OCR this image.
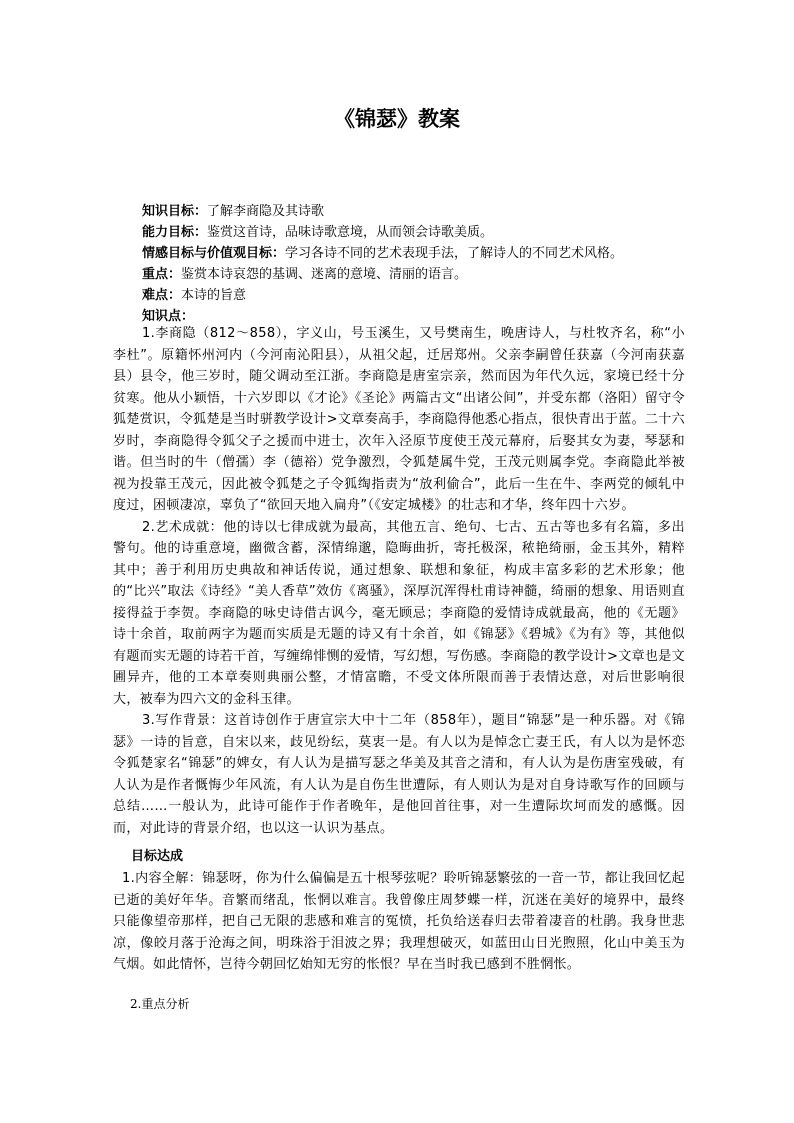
《锦瑟》教案
知识目标：了解李商隐及其诗歌
能力目标：鉴赏这首诗，品味诗歌意境，从而领会诗歌美质。
情感目标与价值观目标：学习各诗不同的艺术表现手法，了解诗人的不同艺术风格。
重点：鉴赏本诗哀怨的基调、迷离的意境、清丽的语言。
难点：本诗的旨意
知识点：

1.李商隐（812～858），字义山，号玉溪生，又号樊南生，晚唐诗人，与杜牧齐名，称“小李杜”。原籍怀州河内（今河南沁阳县），从祖父起，迁居郑州。父亲李嗣曾任获嘉（今河南获嘉县）县令，他三岁时，随父调动至江浙。李商隐是唐室宗亲，然而因为年代久远，家境已经十分贫寒。他从小颖悟，十六岁即以《才论》《圣论》两篇古文“出诸公间”，并受东都（洛阳）留守令狐楚赏识，令狐楚是当时骈教学设计>文章奏高手，李商隐得他悉心指点，很快青出于蓝。二十六岁时，李商隐得令狐父子之援而中进士，次年入泾原节度使王茂元幕府，后娶其女为妻，琴瑟和谐。但当时的牛（僧孺）李（德裕）党争激烈，令狐楚属牛党，王茂元则属李党。李商隐此举被视为投靠王茂元，因此被令狐楚之子令狐绹指责为“放利偷合”，此后一生在牛、李两党的倾轧中度过，困顿凄凉，辜负了“欲回天地入扁舟”（《安定城楼》的壮志和才华，终年四十六岁。

2.艺术成就：他的诗以七律成就为最高，其他五言、绝句、七古、五古等也多有名篇，多出警句。他的诗重意境，幽微含蓄，深情绵邈，隐晦曲折，寄托极深，秾艳绮丽，金玉其外，精粹其中；善于利用历史典故和神话传说，通过想象、联想和象征，构成丰富多彩的艺术形象；他的“比兴”取法《诗经》“美人香草”效仿《离骚》，深厚沉浑得杜甫诗神髓，绮丽的想象、用语则直接得益于李贺。李商隐的咏史诗借古讽今，毫无顾忌；李商隐的爱情诗成就最高，他的《无题》诗十余首，取前两字为题而实质是无题的诗又有十余首，如《锦瑟》《碧城》《为有》等，其他似有题而实无题的诗若干首，写缠绵悱恻的爱情，写幻想，写伤感。李商隐的教学设计>文章也是文圃异卉，他的工本章奏则典丽公整，才情富瞻，不受文体所限而善于表情达意，对后世影响很大，被奉为四六文的金科玉律。

3.写作背景：这首诗创作于唐宣宗大中十二年（858年），题目“锦瑟”是一种乐器。对《锦瑟》一诗的旨意，自宋以来，歧见纷纭，莫衷一是。有人以为是悼念亡妻王氏，有人以为是怀恋令狐楚家名“锦瑟”的婢女，有人认为是描写瑟之华美及其音之清和，有人认为是伤唐室残破，有人认为是作者慨悔少年风流，有人认为是自伤生世遭际，有人则认为是对自身诗歌写作的回顾与总结……一般认为，此诗可能作于作者晚年，是他回首往事，对一生遭际坎坷而发的感慨。因而，对此诗的背景介绍，也以这一认识为基点。

目标达成

1.内容全解：锦瑟呀，你为什么偏偏是五十根琴弦呢？聆听锦瑟繁弦的一音一节，都让我回忆起已逝的美好年华。音繁而绪乱，怅惘以难言。我曾像庄周梦蝶一样，沉迷在美好的境界中，最终只能像望帝那样，把自己无限的悲感和难言的冤愤，托负给送春归去带着凄音的杜鹃。我身世悲凉，像皎月落于沧海之间，明珠浴于泪波之界；我理想破灭，如蓝田山日光煦照，化山中美玉为气烟。如此情怀，岂待今朝回忆始知无穷的怅恨？早在当时我已感到不胜惘怅。

2.重点分析
